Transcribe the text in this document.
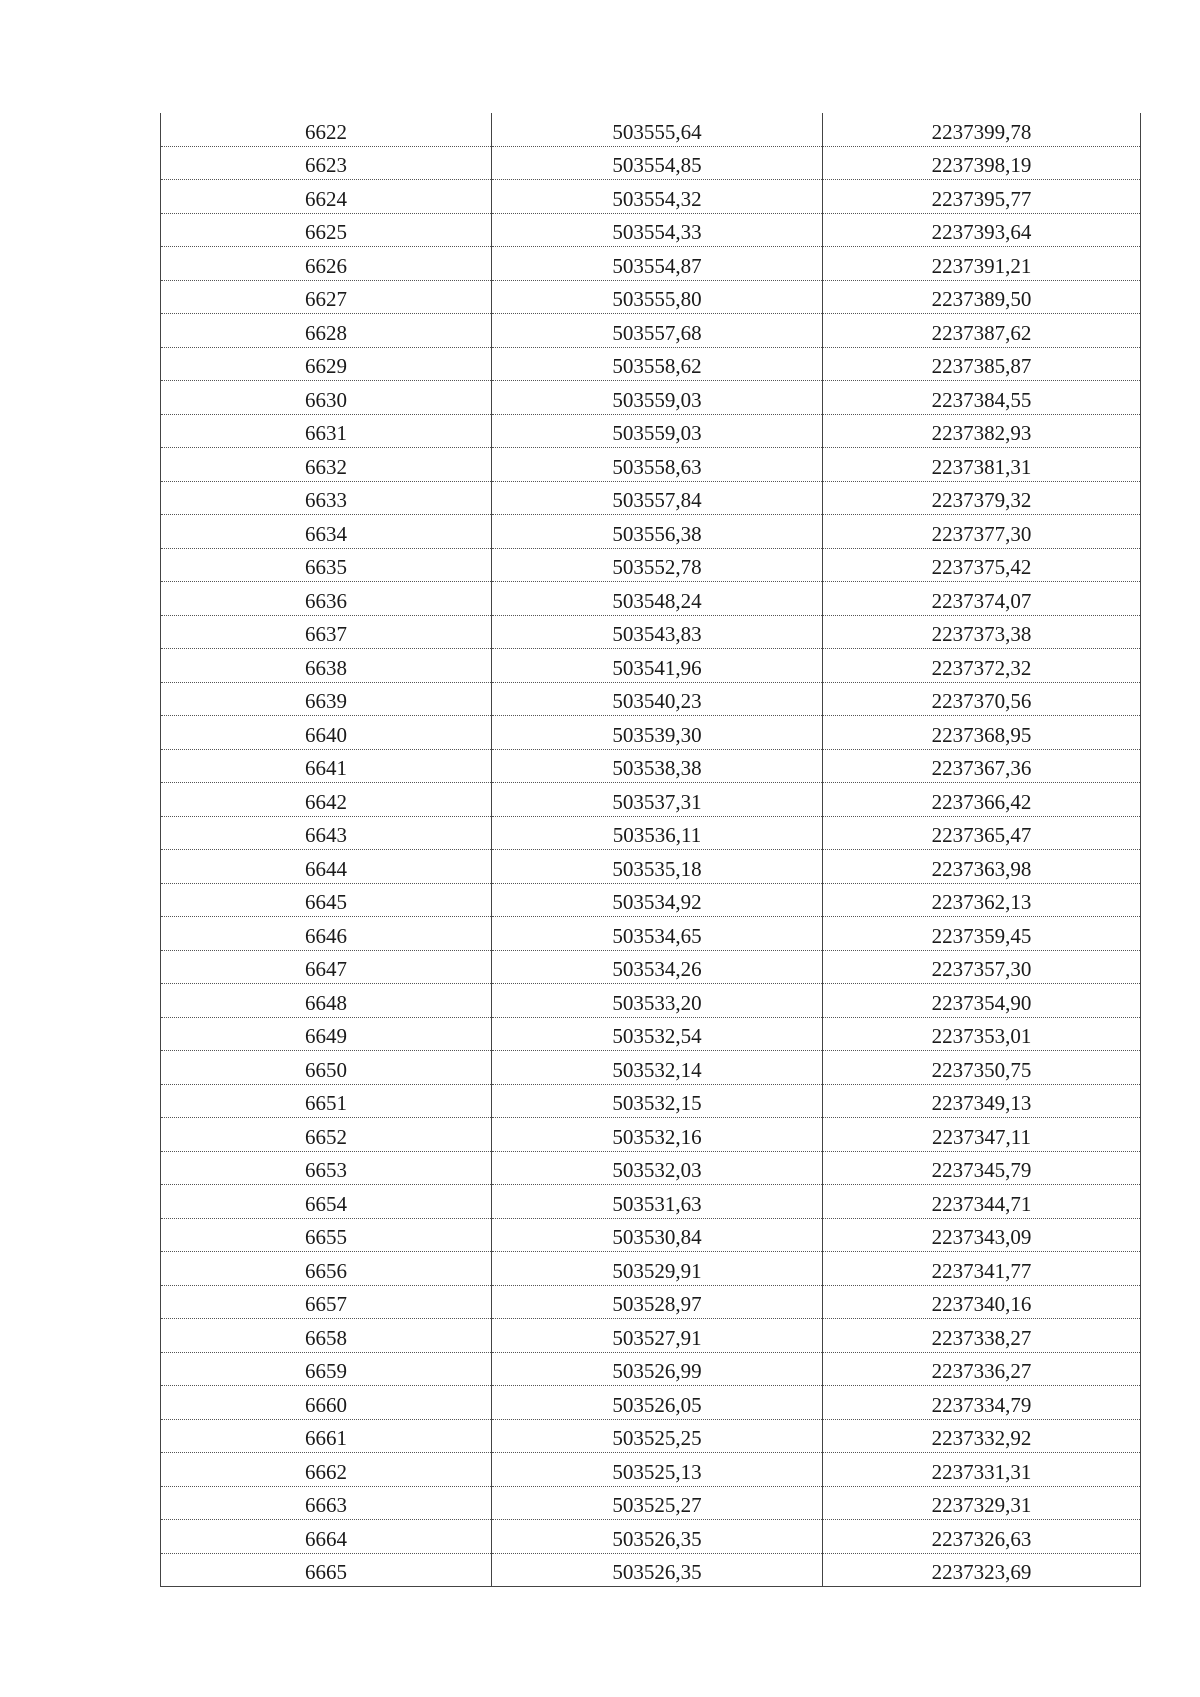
6622	503555,64	2237399,78
6623	503554,85	2237398,19
6624	503554,32	2237395,77
6625	503554,33	2237393,64
6626	503554,87	2237391,21
6627	503555,80	2237389,50
6628	503557,68	2237387,62
6629	503558,62	2237385,87
6630	503559,03	2237384,55
6631	503559,03	2237382,93
6632	503558,63	2237381,31
6633	503557,84	2237379,32
6634	503556,38	2237377,30
6635	503552,78	2237375,42
6636	503548,24	2237374,07
6637	503543,83	2237373,38
6638	503541,96	2237372,32
6639	503540,23	2237370,56
6640	503539,30	2237368,95
6641	503538,38	2237367,36
6642	503537,31	2237366,42
6643	503536,11	2237365,47
6644	503535,18	2237363,98
6645	503534,92	2237362,13
6646	503534,65	2237359,45
6647	503534,26	2237357,30
6648	503533,20	2237354,90
6649	503532,54	2237353,01
6650	503532,14	2237350,75
6651	503532,15	2237349,13
6652	503532,16	2237347,11
6653	503532,03	2237345,79
6654	503531,63	2237344,71
6655	503530,84	2237343,09
6656	503529,91	2237341,77
6657	503528,97	2237340,16
6658	503527,91	2237338,27
6659	503526,99	2237336,27
6660	503526,05	2237334,79
6661	503525,25	2237332,92
6662	503525,13	2237331,31
6663	503525,27	2237329,31
6664	503526,35	2237326,63
6665	503526,35	2237323,69
